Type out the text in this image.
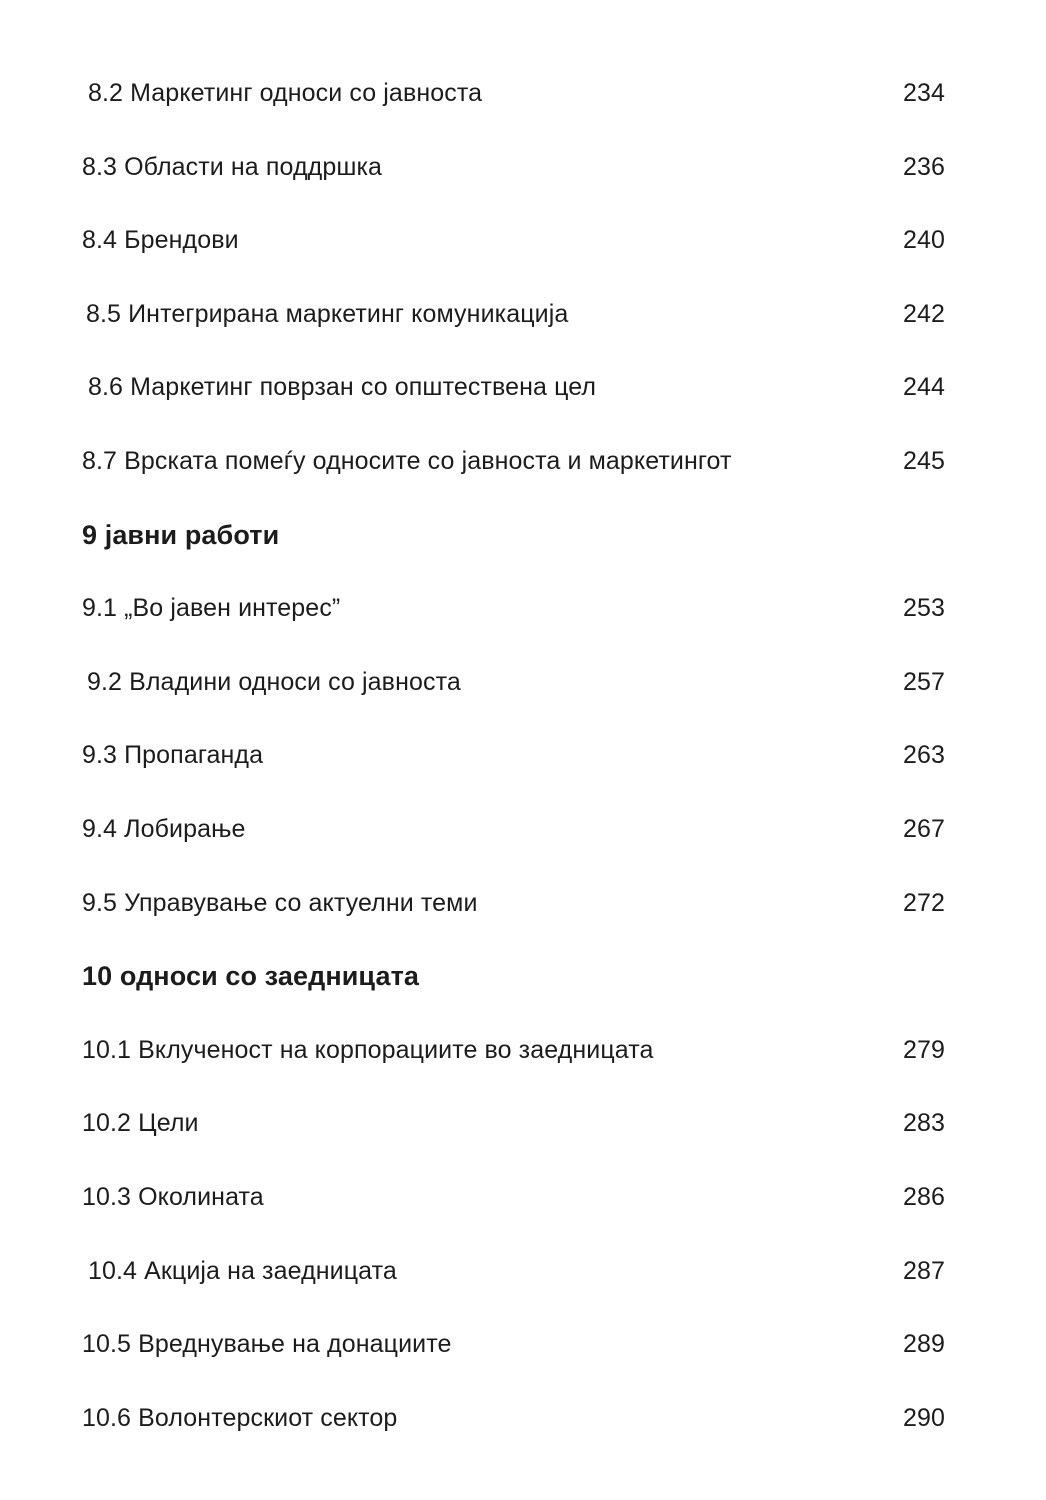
8.2 Маркетинг односи со јавноста	234
8.3 Области на поддршка	236
8.4 Брендови	240
8.5 Интегрирана маркетинг комуникација	242
8.6 Маркетинг поврзан со општествена цел	244
8.7 Врската помеѓу односите со јавноста и маркетингот	245
9 јавни работи
9.1 „Во јавен интерес”	253
9.2 Владини односи со јавноста	257
9.3 Пропаганда	263
9.4 Лобирање	267
9.5 Управување со актуелни теми	272
10 односи со заедницата
10.1 Вклученост на корпорациите во заедницата	279
10.2 Цели	283
10.3 Околината	286
10.4 Акција на заедницата	287
10.5 Вреднување на донациите	289
10.6 Волонтерскиот сектор	290
